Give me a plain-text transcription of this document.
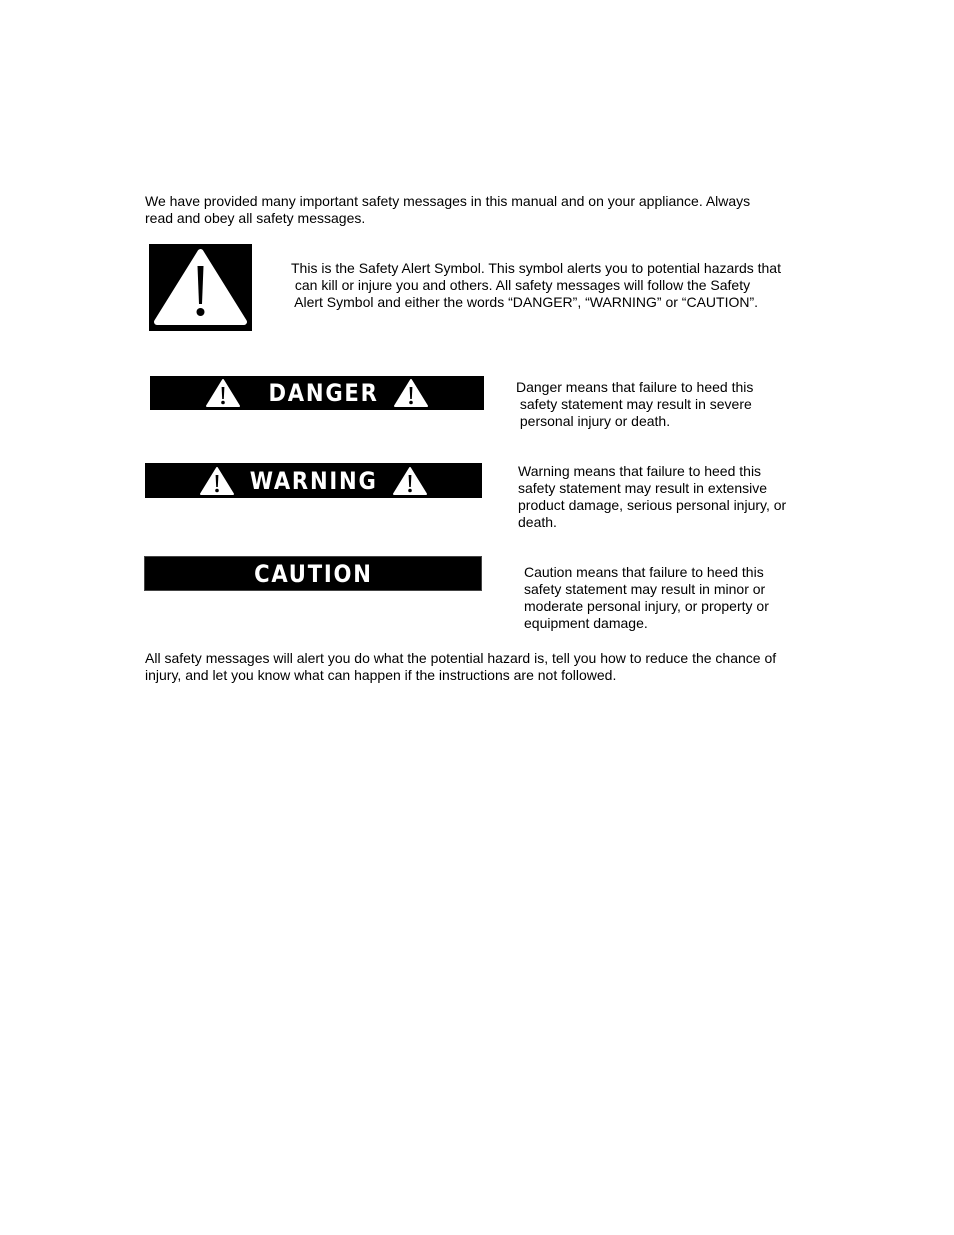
We have provided many important safety messages in this manual and on your appliance. Always
read and obey all safety messages.

This is the Safety Alert Symbol. This symbol alerts you to potential hazards that
can kill or injure you and others. All safety messages will follow the Safety
Alert Symbol and either the words “DANGER”, “WARNING” or “CAUTION”.

DANGER	Danger means that failure to heed this
safety statement may result in severe
personal injury or death.

WARNING	Warning means that failure to heed this
safety statement may result in extensive
product damage, serious personal injury, or
death.

CAUTION	Caution means that failure to heed this
safety statement may result in minor or
moderate personal injury, or property or
equipment damage.

All safety messages will alert you do what the potential hazard is, tell you how to reduce the chance of
injury, and let you know what can happen if the instructions are not followed.
